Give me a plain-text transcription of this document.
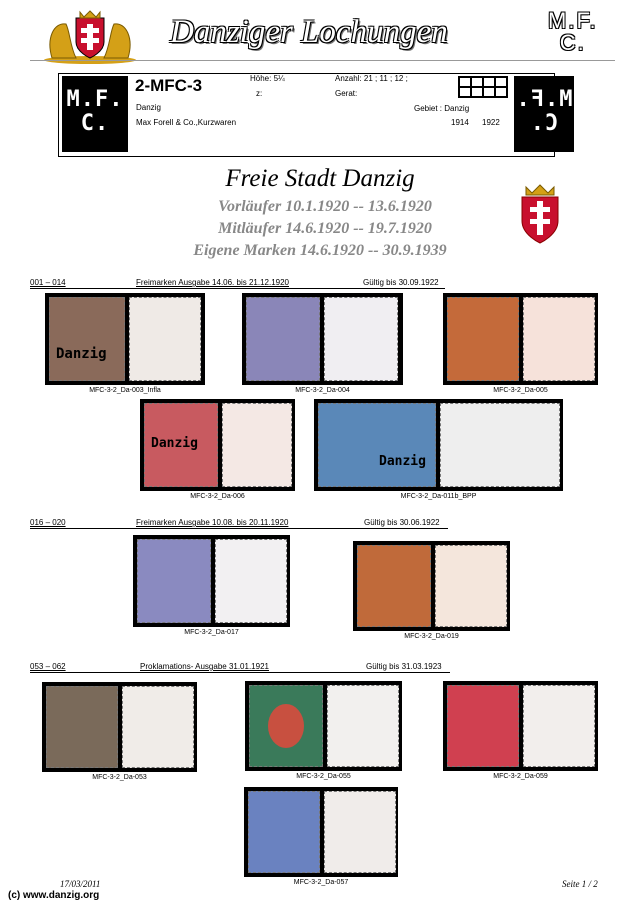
Danziger Lochungen	M.F.
C.
M.F.
C.
M.F.
C.
2-MFC-3	Höhe: 5¼	Anzahl: 21 ; 11 ; 12 ;
z:	Gerat:
Danzig
Max Forell & Co.,Kurzwaren
Gebiet : Danzig
1914 1922
Freie Stadt Danzig
Vorläufer 10.1.1920 -- 13.6.1920
Mitläufer 14.6.1920 -- 19.7.1920
Eigene Marken 14.6.1920 -- 30.9.1939
001 – 014	Freimarken Ausgabe 14.06. bis 21.12.1920	Gültig bis 30.09.1922
Danzig
MFC-3-2_Da-003_Infla	MFC-3-2_Da-004	MFC-3-2_Da-005
Danzig
MFC-3-2_Da-006
Danzig
MFC-3-2_Da-011b_BPP
016 – 020	Freimarken Ausgabe 10.08. bis 20.11.1920	Gültig bis 30.06.1922
MFC-3-2_Da-017
MFC-3-2_Da-019
053 – 062	Proklamations- Ausgabe 31.01.1921	Gültig bis 31.03.1923
MFC-3-2_Da-053	MFC-3-2_Da-055	MFC-3-2_Da-059
MFC-3-2_Da-057
17/03/2011
(c) www.danzig.org
Seite 1 / 2
